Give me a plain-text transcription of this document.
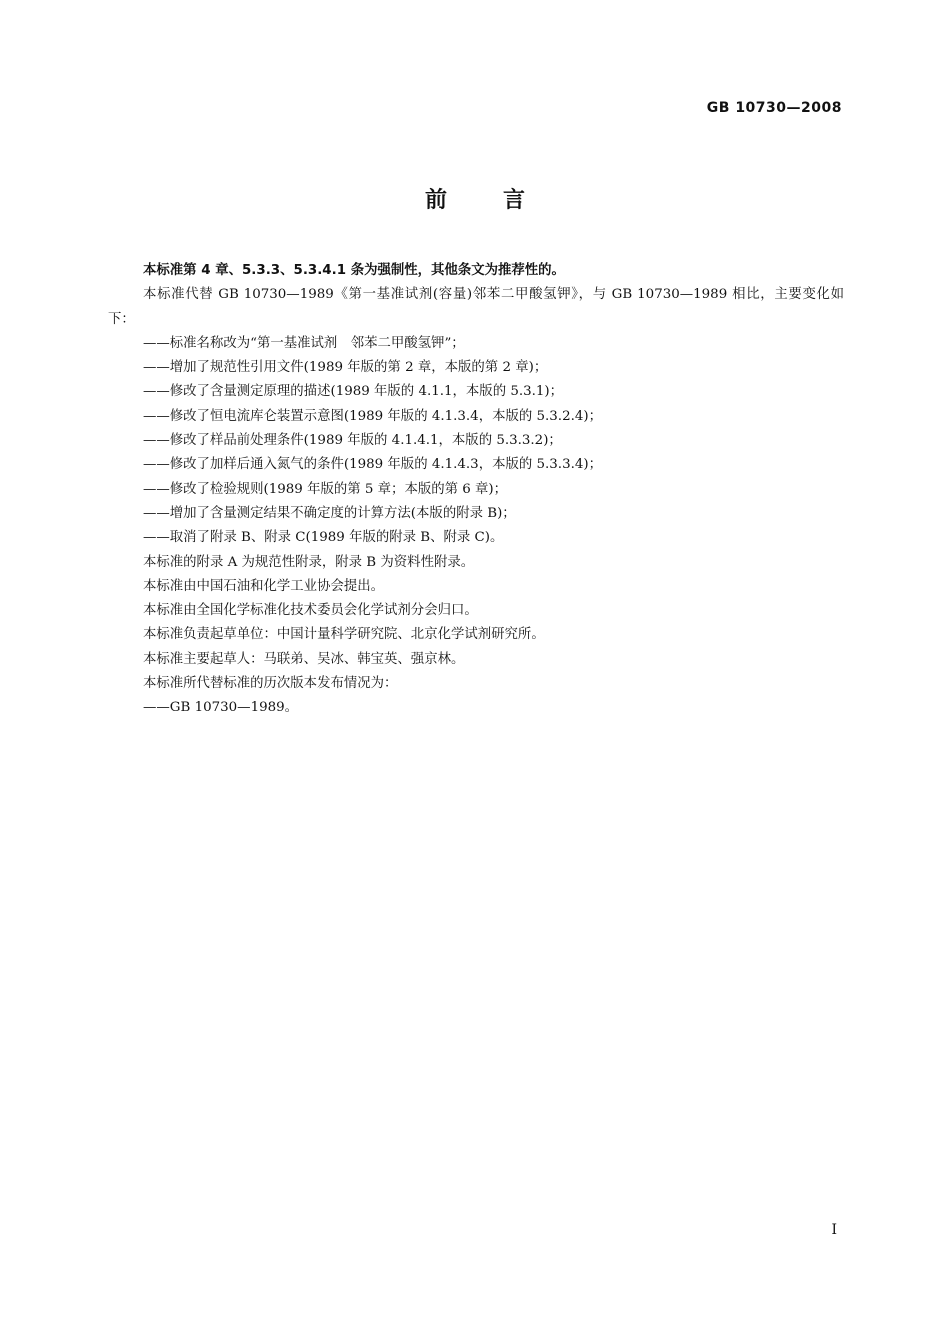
GB 10730—2008
前言

本标准第 4 章、5.3.3、5.3.4.1 条为强制性，其他条文为推荐性的。

本标准代替 GB 10730—1989《第一基准试剂(容量)邻苯二甲酸氢钾》，与 GB 10730—1989 相比，主要变化如下：

——标准名称改为“第一基准试剂　邻苯二甲酸氢钾”；

——增加了规范性引用文件(1989 年版的第 2 章，本版的第 2 章)；

——修改了含量测定原理的描述(1989 年版的 4.1.1，本版的 5.3.1)；

——修改了恒电流库仑装置示意图(1989 年版的 4.1.3.4，本版的 5.3.2.4)；

——修改了样品前处理条件(1989 年版的 4.1.4.1，本版的 5.3.3.2)；

——修改了加样后通入氮气的条件(1989 年版的 4.1.4.3，本版的 5.3.3.4)；

——修改了检验规则(1989 年版的第 5 章；本版的第 6 章)；

——增加了含量测定结果不确定度的计算方法(本版的附录 B)；

——取消了附录 B、附录 C(1989 年版的附录 B、附录 C)。

本标准的附录 A 为规范性附录，附录 B 为资料性附录。

本标准由中国石油和化学工业协会提出。

本标准由全国化学标准化技术委员会化学试剂分会归口。

本标准负责起草单位：中国计量科学研究院、北京化学试剂研究所。

本标准主要起草人：马联弟、吴冰、韩宝英、强京林。

本标准所代替标准的历次版本发布情况为：

——GB 10730—1989。

I
